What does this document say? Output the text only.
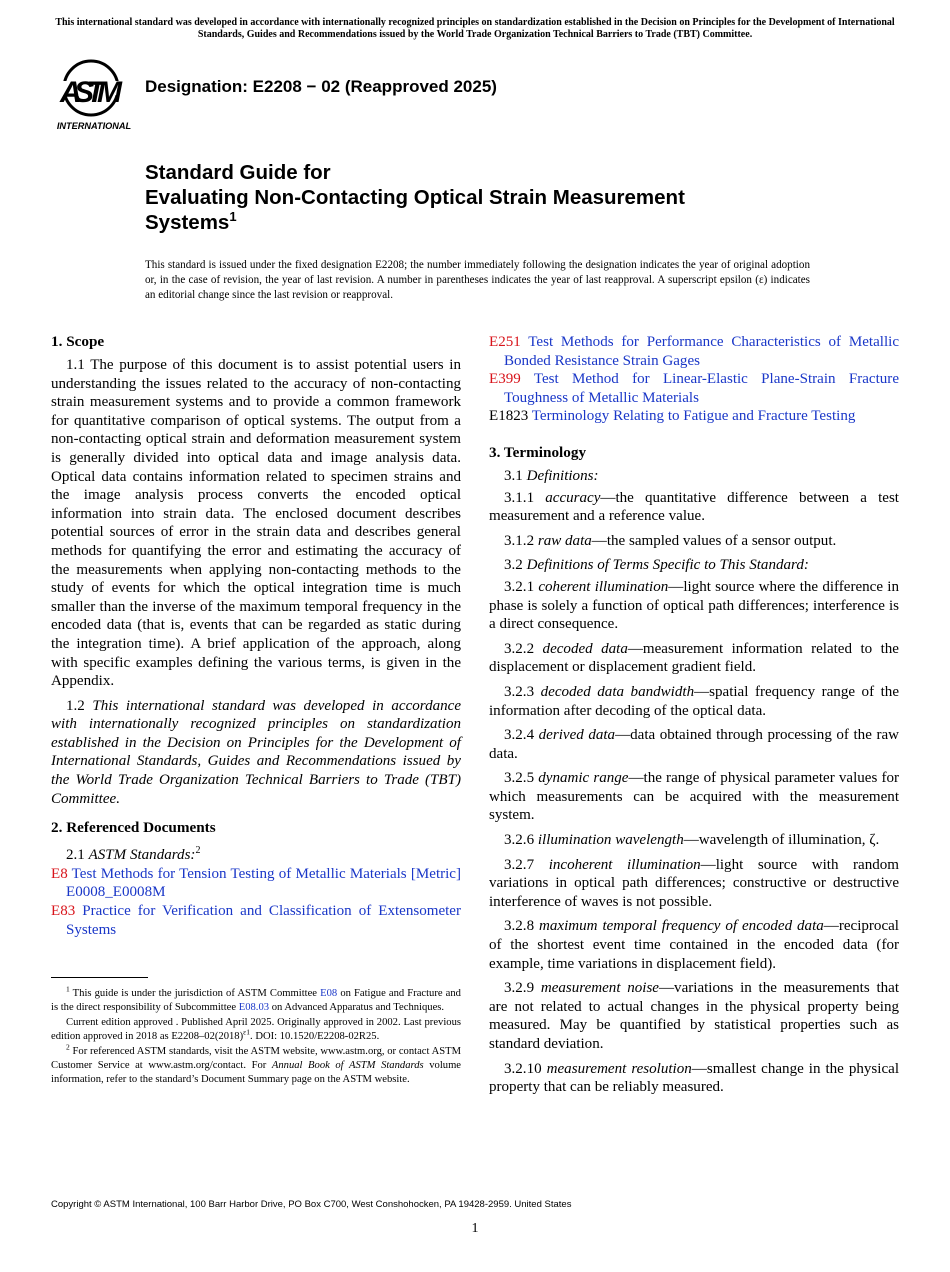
This international standard was developed in accordance with internationally recognized principles on standardization established in the Decision on Principles for the Development of International Standards, Guides and Recommendations issued by the World Trade Organization Technical Barriers to Trade (TBT) Committee.
ASTM
INTERNATIONAL
Designation: E2208 − 02 (Reapproved 2025)
Standard Guide for
Evaluating Non-Contacting Optical Strain Measurement
Systems$^1$
This standard is issued under the fixed designation E2208; the number immediately following the designation indicates the year of original adoption or, in the case of revision, the year of last revision. A number in parentheses indicates the year of last reapproval. A superscript epsilon (ε) indicates an editorial change since the last revision or reapproval.
1. Scope

1.1 The purpose of this document is to assist potential users in understanding the issues related to the accuracy of non-contacting strain measurement systems and to provide a common framework for quantitative comparison of optical systems. The output from a non-contacting optical strain and deformation measurement system is generally divided into optical data and image analysis data. Optical data contains information related to specimen strains and the image analysis process converts the encoded optical information into strain data. The enclosed document describes potential sources of error in the strain data and describes general methods for quantifying the error and estimating the accuracy of the measurements when applying non-contacting methods to the study of events for which the optical integration time is much smaller than the inverse of the maximum temporal frequency in the encoded data (that is, events that can be regarded as static during the integration time). A brief application of the approach, along with specific examples defining the various terms, is given in the Appendix.

1.2 This international standard was developed in accordance with internationally recognized principles on standardization established in the Decision on Principles for the Development of International Standards, Guides and Recommendations issued by the World Trade Organization Technical Barriers to Trade (TBT) Committee.

2. Referenced Documents

2.1 ASTM Standards:$^2$

E8 Test Methods for Tension Testing of Metallic Materials [Metric] E0008_E0008M
E83 Practice for Verification and Classification of Extensometer Systems

$^1$ This guide is under the jurisdiction of ASTM Committee E08 on Fatigue and Fracture and is the direct responsibility of Subcommittee E08.03 on Advanced Apparatus and Techniques.

Current edition approved . Published April 2025. Originally approved in 2002. Last previous edition approved in 2018 as E2208–02(2018)$^{\varepsilon 1}$. DOI: 10.1520/E2208-02R25.

$^2$ For referenced ASTM standards, visit the ASTM website, www.astm.org, or contact ASTM Customer Service at www.astm.org/contact. For Annual Book of ASTM Standards volume information, refer to the standard’s Document Summary page on the ASTM website.

E251 Test Methods for Performance Characteristics of Metallic Bonded Resistance Strain Gages
E399 Test Method for Linear-Elastic Plane-Strain Fracture Toughness of Metallic Materials
E1823 Terminology Relating to Fatigue and Fracture Testing
3. Terminology

3.1 Definitions:

3.1.1 accuracy—the quantitative difference between a test measurement and a reference value.

3.1.2 raw data—the sampled values of a sensor output.

3.2 Definitions of Terms Specific to This Standard:

3.2.1 coherent illumination—light source where the difference in phase is solely a function of optical path differences; interference is a direct consequence.

3.2.2 decoded data—measurement information related to the displacement or displacement gradient field.

3.2.3 decoded data bandwidth—spatial frequency range of the information after decoding of the optical data.

3.2.4 derived data—data obtained through processing of the raw data.

3.2.5 dynamic range—the range of physical parameter values for which measurements can be acquired with the measurement system.

3.2.6 illumination wavelength—wavelength of illumination, ζ.

3.2.7 incoherent illumination—light source with random variations in optical path differences; constructive or destructive interference of waves is not possible.

3.2.8 maximum temporal frequency of encoded data—reciprocal of the shortest event time contained in the encoded data (for example, time variations in displacement field).

3.2.9 measurement noise—variations in the measurements that are not related to actual changes in the physical property being measured. May be quantified by statistical properties such as standard deviation.

3.2.10 measurement resolution—smallest change in the physical property that can be reliably measured.

Copyright © ASTM International, 100 Barr Harbor Drive, PO Box C700, West Conshohocken, PA 19428-2959. United States
1
